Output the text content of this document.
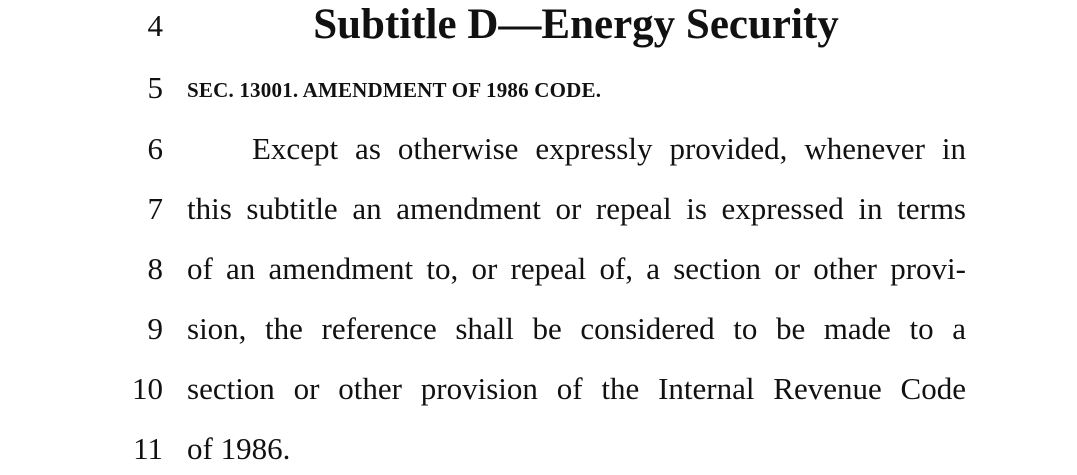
4	Subtitle D—Energy Security
5 SEC. 13001. AMENDMENT OF 1986 CODE.
6	Except as otherwise expressly provided, whenever in
7 this subtitle an amendment or repeal is expressed in terms
8 of an amendment to, or repeal of, a section or other provi-
9 sion, the reference shall be considered to be made to a
10 section or other provision of the Internal Revenue Code
11 of 1986.
